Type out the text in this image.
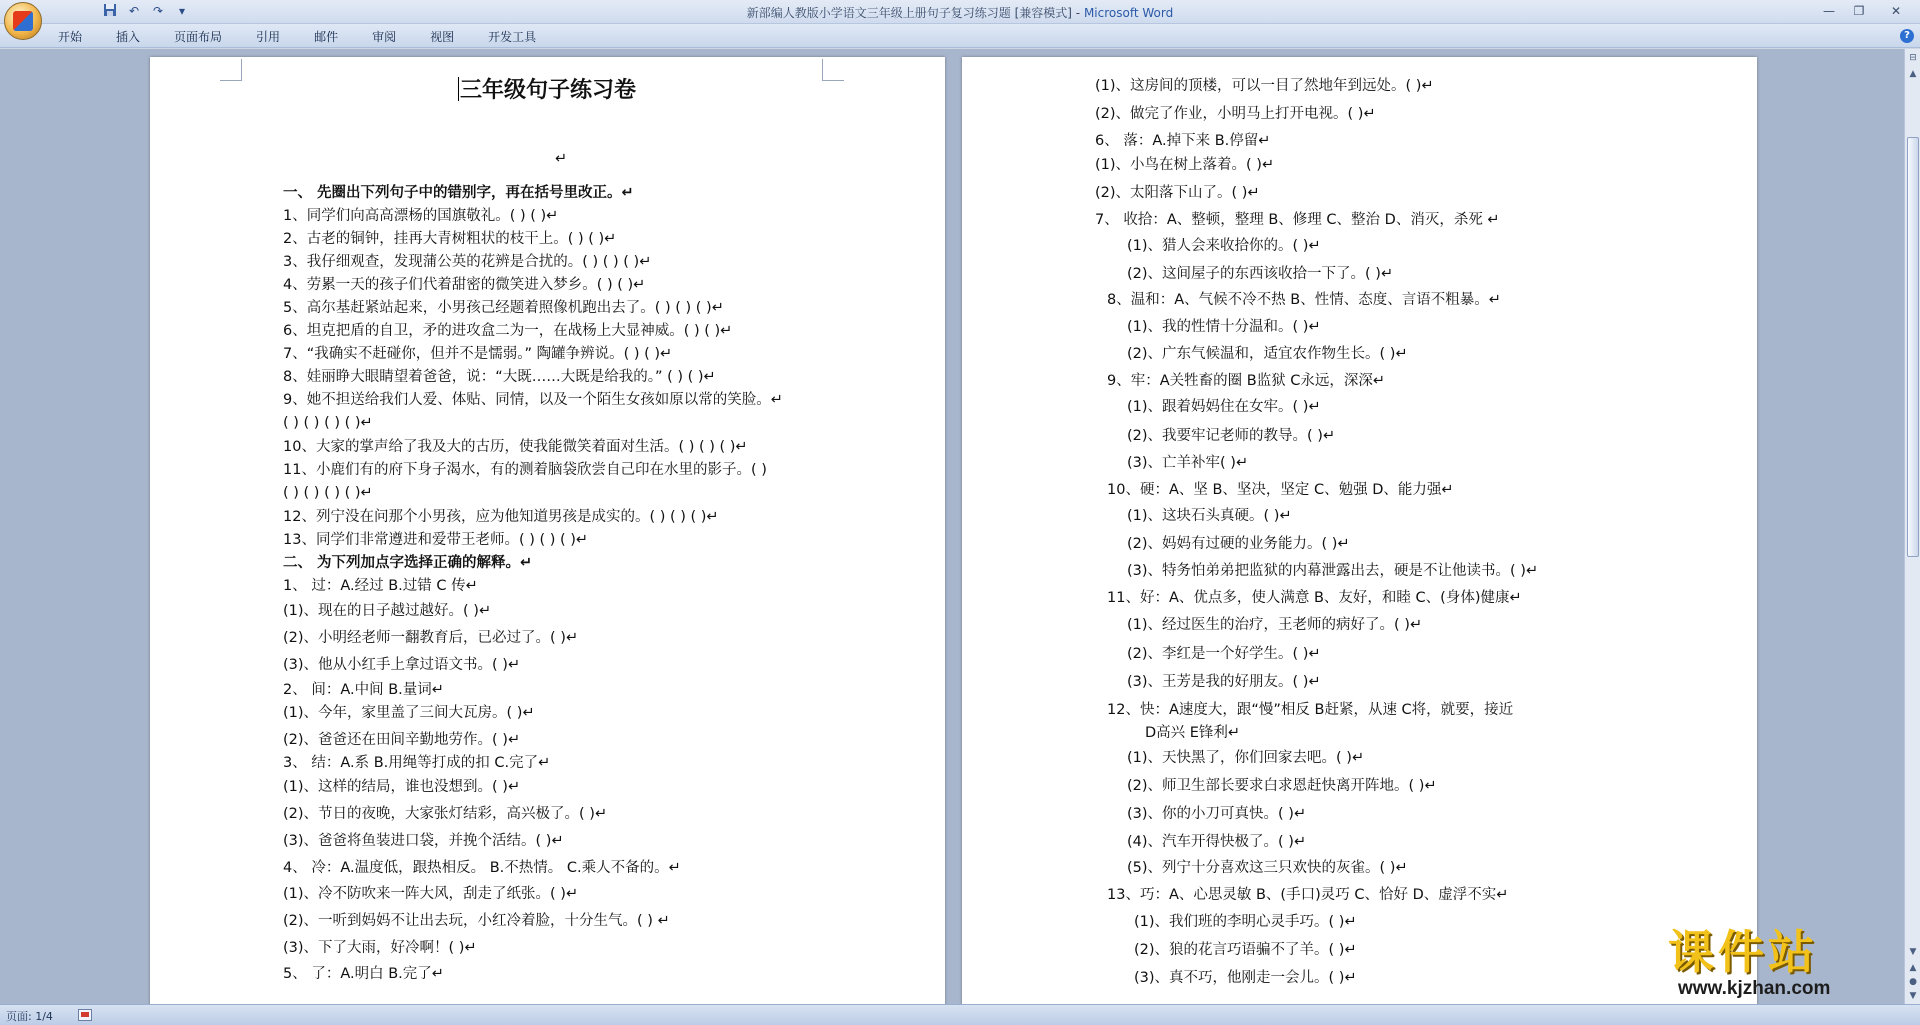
↶ ↷	▾	新部编人教版小学语文三年级上册句子复习练习题 [兼容模式] - Microsoft Word	—	❐	✕
开始	插入	页面布局	引用	邮件	审阅	视图	开发工具	?
三年级句子练习卷
↵
一、 先圈出下列句子中的错别字，再在括号里改正。↵
1、同学们向高高漂杨的国旗敬礼。( ) ( )↵
2、古老的铜钟，挂再大青树粗状的枝干上。( ) ( )↵
3、我仔细观查，发现蒲公英的花辨是合扰的。( ) ( ) ( )↵
4、劳累一天的孩子们代着甜密的微笑进入梦乡。( ) ( )↵
5、高尔基赶紧站起来，小男孩己经题着照像机跑出去了。( ) ( ) ( )↵
6、坦克把盾的自卫，矛的进攻盒二为一，在战杨上大显神威。( ) ( )↵
7、“我确实不赶碰你，但并不是懦弱。” 陶罐争辨说。( ) ( )↵
8、娃丽睁大眼睛望着爸爸，说：“大既……大既是给我的。” ( ) ( )↵
9、她不担送给我们人爱、体贴、同情，以及一个陌生女孩如原以常的笑脸。↵
( ) ( ) ( ) ( )↵
10、大家的掌声给了我及大的古历，使我能微笑着面对生活。( ) ( ) ( )↵
11、小鹿们有的府下身子渴水，有的测着脑袋欣尝自己印在水里的影子。( )
( ) ( ) ( ) ( )↵
12、列宁没在问那个小男孩，应为他知道男孩是成实的。( ) ( ) ( )↵
13、同学们非常遵进和爱带王老师。( ) ( ) ( )↵
二、 为下列加点字选择正确的解释。↵
1、 过：A.经过 B.过错 C 传↵
(1)、现在的日子越过越好。( )↵
(2)、小明经老师一翻教育后，已必过了。( )↵
(3)、他从小红手上拿过语文书。( )↵
2、 间：A.中间 B.量词↵
(1)、今年，家里盖了三间大瓦房。( )↵
(2)、爸爸还在田间辛勤地劳作。( )↵
3、 结：A.系 B.用绳等打成的扣 C.完了↵
(1)、这样的结局，谁也没想到。( )↵
(2)、节日的夜晚，大家张灯结彩，高兴极了。( )↵
(3)、爸爸将鱼装进口袋，并挽个活结。( )↵
4、 冷：A.温度低，跟热相反。 B.不热情。 C.乘人不备的。↵
(1)、冷不防吹来一阵大风，刮走了纸张。( )↵
(2)、一听到妈妈不让出去玩，小红冷着脸，十分生气。( ) ↵
(3)、下了大雨，好冷啊！( )↵
5、 了：A.明白 B.完了↵
(1)、这房间的顶楼，可以一目了然地年到远处。( )↵
(2)、做完了作业，小明马上打开电视。( )↵
6、 落：A.掉下来 B.停留↵
(1)、小鸟在树上落着。( )↵
(2)、太阳落下山了。( )↵
7、 收拾：A、整顿，整理 B、修理 C、整治 D、消灭，杀死 ↵
(1)、猎人会来收拾你的。( )↵
(2)、这间屋子的东西该收拾一下了。( )↵
8、温和：A、气候不冷不热 B、性情、态度、言语不粗暴。↵
(1)、我的性情十分温和。( )↵
(2)、广东气候温和，适宜农作物生长。( )↵
9、牢：A关牲畜的圈 B监狱 C永远，深深↵
(1)、跟着妈妈住在女牢。( )↵
(2)、我要牢记老师的教导。( )↵
(3)、亡羊补牢( )↵
10、硬：A、坚 B、坚决，坚定 C、勉强 D、能力强↵
(1)、这块石头真硬。( )↵
(2)、妈妈有过硬的业务能力。( )↵
(3)、特务怕弟弟把监狱的内幕泄露出去，硬是不让他读书。( )↵
11、好：A、优点多，使人满意 B、友好，和睦 C、(身体)健康↵
(1)、经过医生的治疗，王老师的病好了。( )↵
(2)、李红是一个好学生。( )↵
(3)、王芳是我的好朋友。( )↵
12、快：A速度大，跟“慢”相反 B赶紧，从速 C将，就要，接近
D高兴 E锋利↵
(1)、天快黑了，你们回家去吧。( )↵
(2)、师卫生部长要求白求恩赶快离开阵地。( )↵
(3)、你的小刀可真快。( )↵
(4)、汽车开得快极了。( )↵
(5)、列宁十分喜欢这三只欢快的灰雀。( )↵
13、巧：A、心思灵敏 B、(手口)灵巧 C、恰好 D、虚浮不实↵
(1)、我们班的李明心灵手巧。( )↵
(2)、狼的花言巧语骗不了羊。( )↵
(3)、真不巧，他刚走一会儿。( )↵
⊟
▲
▼
▲
●
▼
页面: 1/4
课件站
www.kjzhan.com
